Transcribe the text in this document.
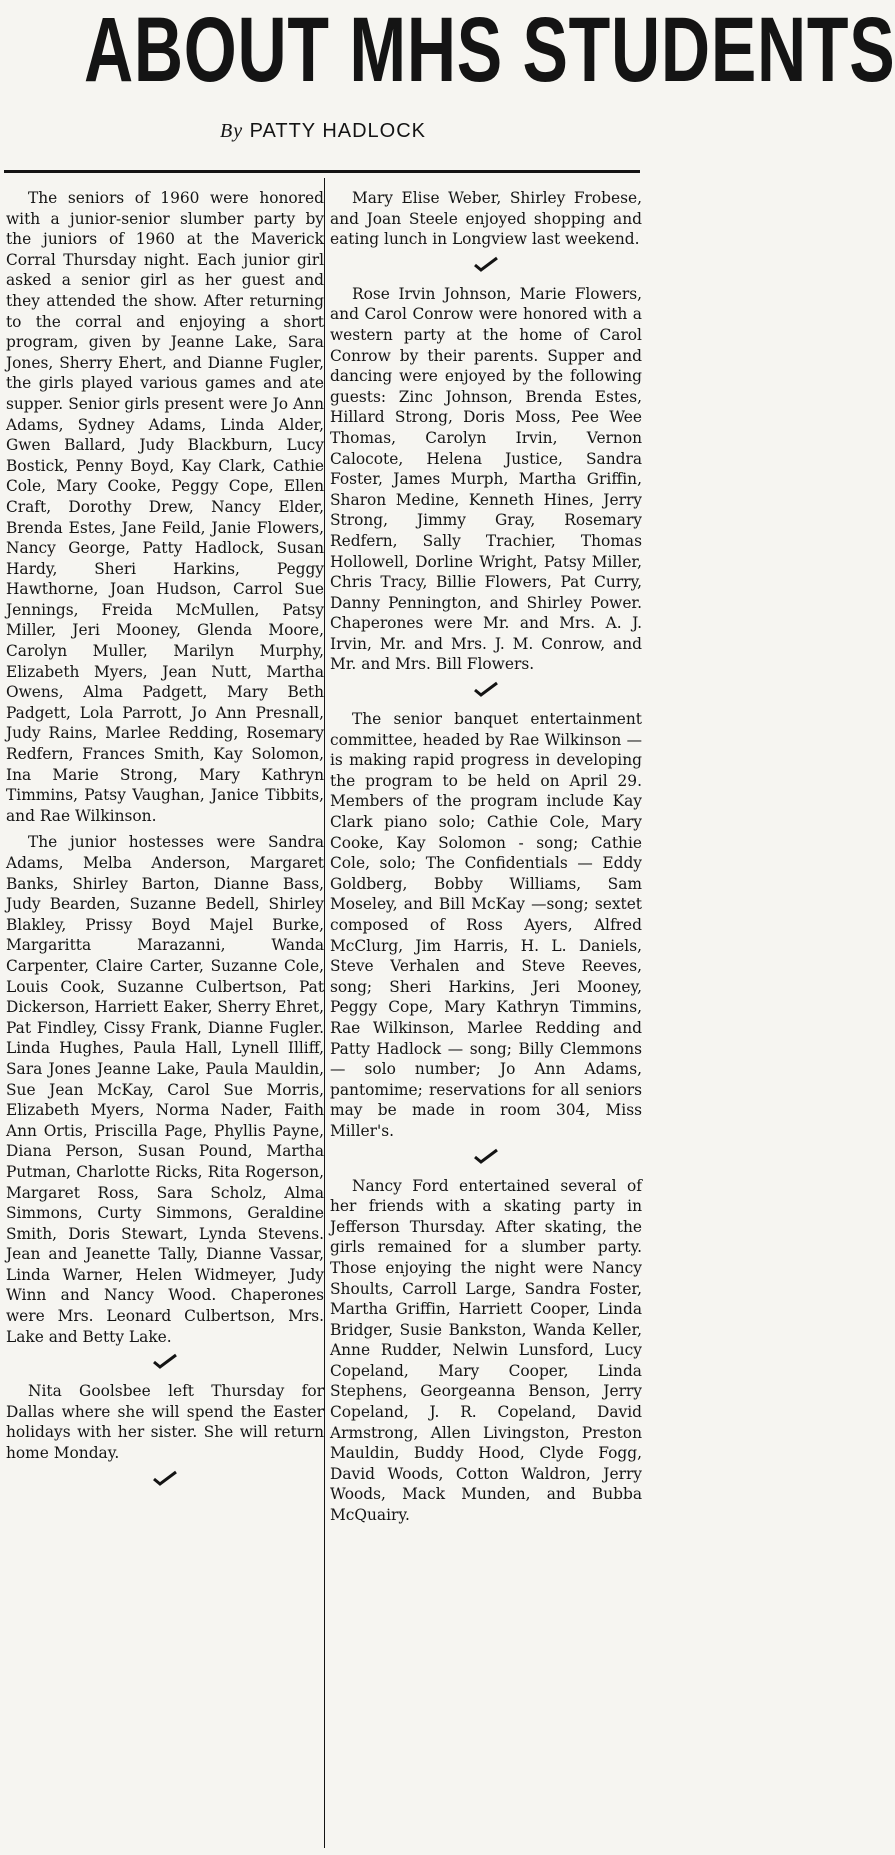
ABOUT MHS STUDENTS
By PATTY HADLOCK

The seniors of 1960 were honored with a junior-senior slumber party by the juniors of 1960 at the Maverick Corral Thursday night. Each junior girl asked a senior girl as her guest and they attended the show. After returning to the corral and enjoying a short program, given by Jeanne Lake, Sara Jones, Sherry Ehert, and Dianne Fugler, the girls played various games and ate supper. Senior girls present were Jo Ann Adams, Sydney Adams, Linda Alder, Gwen Ballard, Judy Blackburn, Lucy Bostick, Penny Boyd, Kay Clark, Cathie Cole, Mary Cooke, Peggy Cope, Ellen Craft, Dorothy Drew, Nancy Elder, Brenda Estes, Jane Feild, Janie Flowers, Nancy George, Patty Hadlock, Susan Hardy, Sheri Harkins, Peggy Hawthorne, Joan Hudson, Carrol Sue Jennings, Freida McMullen, Patsy Miller, Jeri Mooney, Glenda Moore, Carolyn Muller, Marilyn Murphy, Elizabeth Myers, Jean Nutt, Martha Owens, Alma Padgett, Mary Beth Padgett, Lola Parrott, Jo Ann Presnall, Judy Rains, Marlee Redding, Rosemary Redfern, Frances Smith, Kay Solomon, Ina Marie Strong, Mary Kathryn Timmins, Patsy Vaughan, Janice Tibbits, and Rae Wilkinson.

The junior hostesses were Sandra Adams, Melba Anderson, Margaret Banks, Shirley Barton, Dianne Bass, Judy Bearden, Suzanne Bedell, Shirley Blakley, Prissy Boyd Majel Burke, Margaritta Marazanni, Wanda Carpenter, Claire Carter, Suzanne Cole, Louis Cook, Suzanne Culbertson, Pat Dickerson, Harriett Eaker, Sherry Ehret, Pat Findley, Cissy Frank, Dianne Fugler. Linda Hughes, Paula Hall, Lynell Illiff, Sara Jones Jeanne Lake, Paula Mauldin, Sue Jean McKay, Carol Sue Morris, Elizabeth Myers, Norma Nader, Faith Ann Ortis, Priscilla Page, Phyllis Payne, Diana Person, Susan Pound, Martha Putman, Charlotte Ricks, Rita Rogerson, Margaret Ross, Sara Scholz, Alma Simmons, Curty Simmons, Geraldine Smith, Doris Stewart, Lynda Stevens. Jean and Jeanette Tally, Dianne Vassar, Linda Warner, Helen Widmeyer, Judy Winn and Nancy Wood. Chaperones were Mrs. Leonard Culbertson, Mrs. Lake and Betty Lake.

Nita Goolsbee left Thursday for Dallas where she will spend the Easter holidays with her sister. She will return home Monday.

Mary Elise Weber, Shirley Frobese, and Joan Steele enjoyed shopping and eating lunch in Longview last weekend.

Rose Irvin Johnson, Marie Flowers, and Carol Conrow were honored with a western party at the home of Carol Conrow by their parents. Supper and dancing were enjoyed by the following guests: Zinc Johnson, Brenda Estes, Hillard Strong, Doris Moss, Pee Wee Thomas, Carolyn Irvin, Vernon Calocote, Helena Justice, Sandra Foster, James Murph, Martha Griffin, Sharon Medine, Kenneth Hines, Jerry Strong, Jimmy Gray, Rosemary Redfern, Sally Trachier, Thomas Hollowell, Dorline Wright, Patsy Miller, Chris Tracy, Billie Flowers, Pat Curry, Danny Pennington, and Shirley Power. Chaperones were Mr. and Mrs. A. J. Irvin, Mr. and Mrs. J. M. Conrow, and Mr. and Mrs. Bill Flowers.

The senior banquet entertainment committee, headed by Rae Wilkinson — is making rapid progress in developing the program to be held on April 29. Members of the program include Kay Clark piano solo; Cathie Cole, Mary Cooke, Kay Solomon - song; Cathie Cole, solo; The Confidentials — Eddy Goldberg, Bobby Williams, Sam Moseley, and Bill McKay —song; sextet composed of Ross Ayers, Alfred McClurg, Jim Harris, H. L. Daniels, Steve Verhalen and Steve Reeves, song; Sheri Harkins, Jeri Mooney, Peggy Cope, Mary Kathryn Timmins, Rae Wilkinson, Marlee Redding and Patty Hadlock — song; Billy Clemmons — solo number; Jo Ann Adams, pantomime; reservations for all seniors may be made in room 304, Miss Miller's.

Nancy Ford entertained several of her friends with a skating party in Jefferson Thursday. After skating, the girls remained for a slumber party. Those enjoying the night were Nancy Shoults, Carroll Large, Sandra Foster, Martha Griffin, Harriett Cooper, Linda Bridger, Susie Bankston, Wanda Keller, Anne Rudder, Nelwin Lunsford, Lucy Copeland, Mary Cooper, Linda Stephens, Georgeanna Benson, Jerry Copeland, J. R. Copeland, David Armstrong, Allen Livingston, Preston Mauldin, Buddy Hood, Clyde Fogg, David Woods, Cotton Waldron, Jerry Woods, Mack Munden, and Bubba McQuairy.
